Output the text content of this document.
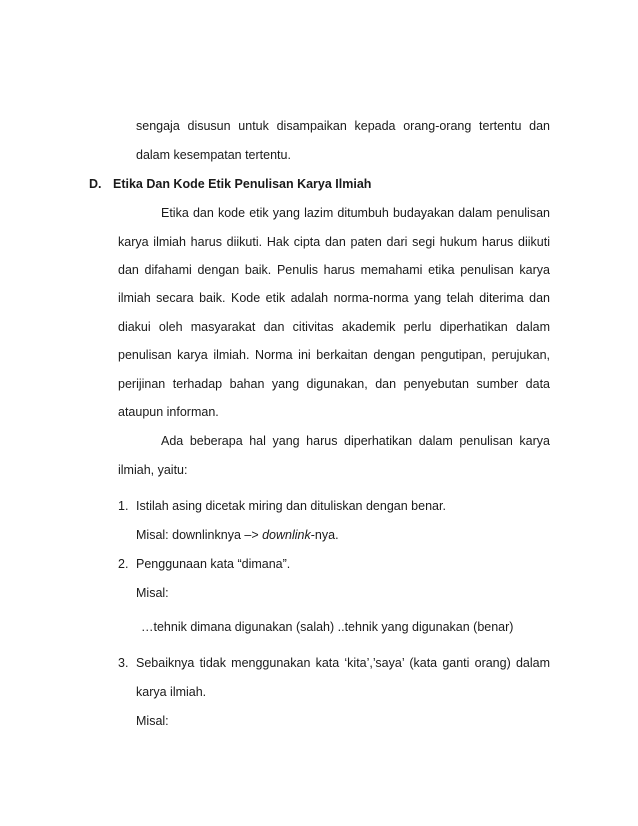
sengaja disusun untuk disampaikan kepada orang-orang tertentu dan
dalam kesempatan tertentu.
D. Etika Dan Kode Etik Penulisan Karya Ilmiah
Etika dan kode etik yang lazim ditumbuh budayakan dalam penulisan
karya ilmiah harus diikuti. Hak cipta dan paten dari segi hukum harus diikuti
dan difahami dengan baik. Penulis harus memahami etika penulisan karya
ilmiah secara baik. Kode etik adalah norma-norma yang telah diterima dan
diakui oleh masyarakat dan citivitas akademik perlu diperhatikan dalam
penulisan karya ilmiah. Norma ini berkaitan dengan pengutipan, perujukan,
perijinan terhadap bahan yang digunakan, dan penyebutan sumber data
ataupun informan.
Ada beberapa hal yang harus diperhatikan dalam penulisan karya
ilmiah, yaitu:
1. Istilah asing dicetak miring dan dituliskan dengan benar.
Misal: downlinknya –> downlink-nya.
2. Penggunaan kata “dimana”.
Misal:
…tehnik dimana digunakan (salah) ..tehnik yang digunakan (benar)
3. Sebaiknya tidak menggunakan kata ‘kita’,’saya’ (kata ganti orang) dalam
karya ilmiah.
Misal:
